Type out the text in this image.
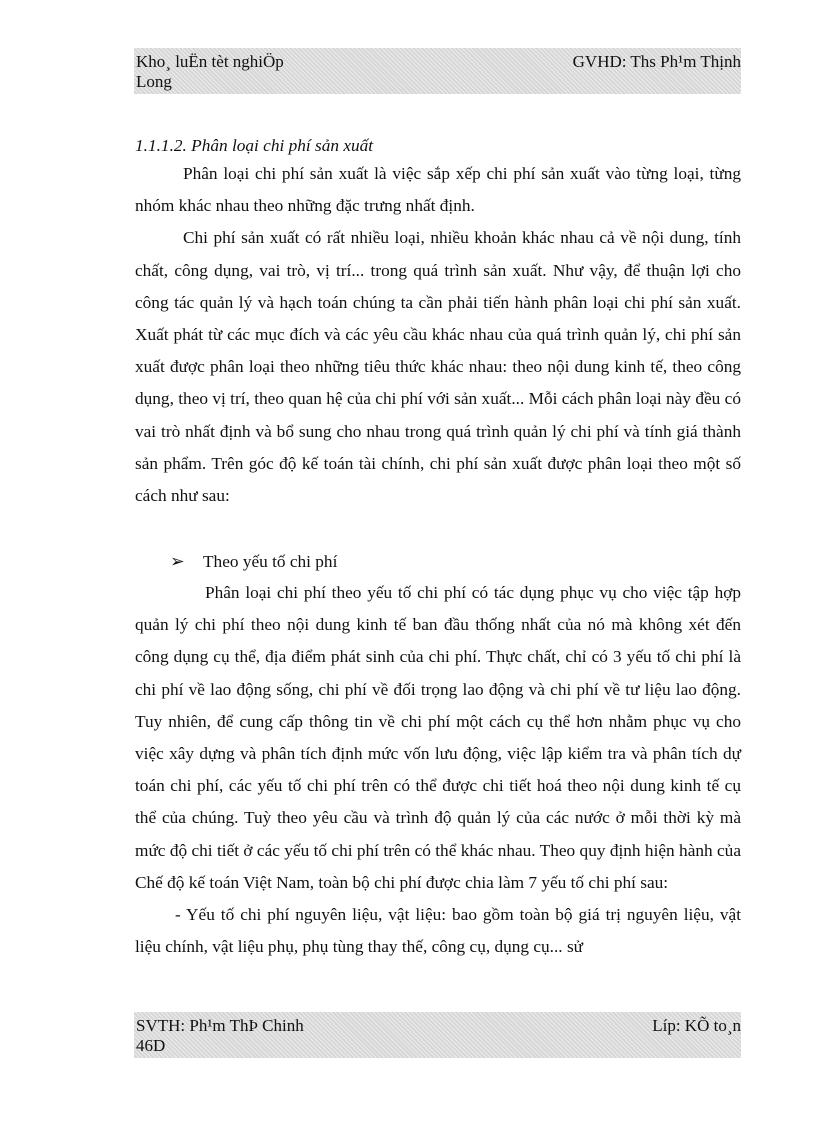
Kho¸ luËn tèt nghiÖp
Long
GVHD: Ths Ph¹m Thịnh
1.1.1.2. Phân loại chi phí sản xuất

Phân loại chi phí sản xuất là việc sắp xếp chi phí sản xuất vào từng loại, từng nhóm khác nhau theo những đặc trưng nhất định.

Chi phí sản xuất có rất nhiều loại, nhiều khoản khác nhau cả về nội dung, tính chất, công dụng, vai trò, vị trí... trong quá trình sản xuất. Như vậy, để thuận lợi cho công tác quản lý và hạch toán chúng ta cần phải tiến hành phân loại chi phí sản xuất. Xuất phát từ các mục đích và các yêu cầu khác nhau của quá trình quản lý, chi phí sản xuất được phân loại theo những tiêu thức khác nhau: theo nội dung kinh tế, theo công dụng, theo vị trí, theo quan hệ của chi phí với sản xuất... Mỗi cách phân loại này đều có vai trò nhất định và bổ sung cho nhau trong quá trình quản lý chi phí và tính giá thành sản phẩm. Trên góc độ kế toán tài chính, chi phí sản xuất được phân loại theo một số cách như sau:

➢ Theo yếu tố chi phí

Phân loại chi phí theo yếu tố chi phí có tác dụng phục vụ cho việc tập hợp quản lý chi phí theo nội dung kinh tế ban đầu thống nhất của nó mà không xét đến công dụng cụ thể, địa điểm phát sinh của chi phí. Thực chất, chỉ có 3 yếu tố chi phí là chi phí về lao động sống, chi phí về đối trọng lao động và chi phí về tư liệu lao động. Tuy nhiên, để cung cấp thông tin về chi phí một cách cụ thể hơn nhằm phục vụ cho việc xây dựng và phân tích định mức vốn lưu động, việc lập kiểm tra và phân tích dự toán chi phí, các yếu tố chi phí trên có thể được chi tiết hoá theo nội dung kinh tế cụ thể của chúng. Tuỳ theo yêu cầu và trình độ quản lý của các nước ở mỗi thời kỳ mà mức độ chi tiết ở các yếu tố chi phí trên có thể khác nhau. Theo quy định hiện hành của Chế độ kế toán Việt Nam, toàn bộ chi phí được chia làm 7 yếu tố chi phí sau:

- Yếu tố chi phí nguyên liệu, vật liệu: bao gồm toàn bộ giá trị nguyên liệu, vật liệu chính, vật liệu phụ, phụ tùng thay thế, công cụ, dụng cụ... sử

SVTH: Ph¹m ThÞ Chinh
46D
Líp: KÕ to¸n
